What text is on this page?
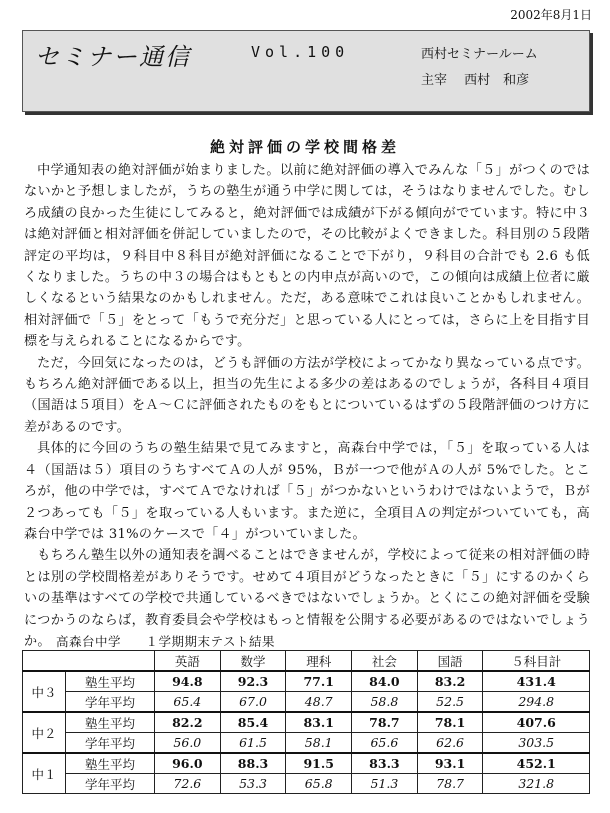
2002年8月1日
セミナー通信	Vol.100	西村セミナールーム
主宰　 西村　和彦
絶対評価の学校間格差

中学通知表の絶対評価が始まりました。以前に絶対評価の導入でみんな「５」がつくのではないかと予想しましたが，うちの塾生が通う中学に関しては，そうはなりませんでした。むしろ成績の良かった生徒にしてみると，絶対評価では成績が下がる傾向がでています。特に中３は絶対評価と相対評価を併記していましたので，その比較がよくできました。科目別の５段階評定の平均は，９科目中８科目が絶対評価になることで下がり，９科目の合計でも 2.6 も低くなりました。うちの中３の場合はもともとの内申点が高いので，この傾向は成績上位者に厳しくなるという結果なのかもしれません。ただ，ある意味でこれは良いことかもしれません。相対評価で「５」をとって「もうで充分だ」と思っている人にとっては，さらに上を目指す目標を与えられることになるからです。

ただ，今回気になったのは，どうも評価の方法が学校によってかなり異なっている点です。もちろん絶対評価である以上，担当の先生による多少の差はあるのでしょうが，各科目４項目（国語は５項目）をＡ～Ｃに評価されたものをもとについているはずの５段階評価のつけ方に差があるのです。

具体的に今回のうちの塾生結果で見てみますと，高森台中学では，「５」を取っている人は４（国語は５）項目のうちすべてＡの人が 95%，Ｂが一つで他がＡの人が 5%でした。ところが，他の中学では，すべてＡでなければ「５」がつかないというわけではないようで，Ｂが２つあっても「５」を取っている人もいます。また逆に，全項目Ａの判定がついていても，高森台中学では 31%のケースで「４」がついていました。

もちろん塾生以外の通知表を調べることはできませんが，学校によって従来の相対評価の時とは別の学校間格差がありそうです。せめて４項目がどうなったときに「５」にするのかくらいの基準はすべての学校で共通しているべきではないでしょうか。とくにこの絶対評価を受験につかうのならば，教育委員会や学校はもっと情報を公開する必要があるのではないでしょうか。 高森台中学 １学期期末テスト結果
		英語	数学	理科	社会	国語	５科目計
中３	塾生平均	94.8	92.3	77.1	84.0	83.2	431.4
	学年平均	65.4	67.0	48.7	58.8	52.5	294.8
中２	塾生平均	82.2	85.4	83.1	78.7	78.1	407.6
	学年平均	56.0	61.5	58.1	65.6	62.6	303.5
中１	塾生平均	96.0	88.3	91.5	83.3	93.1	452.1
	学年平均	72.6	53.3	65.8	51.3	78.7	321.8
